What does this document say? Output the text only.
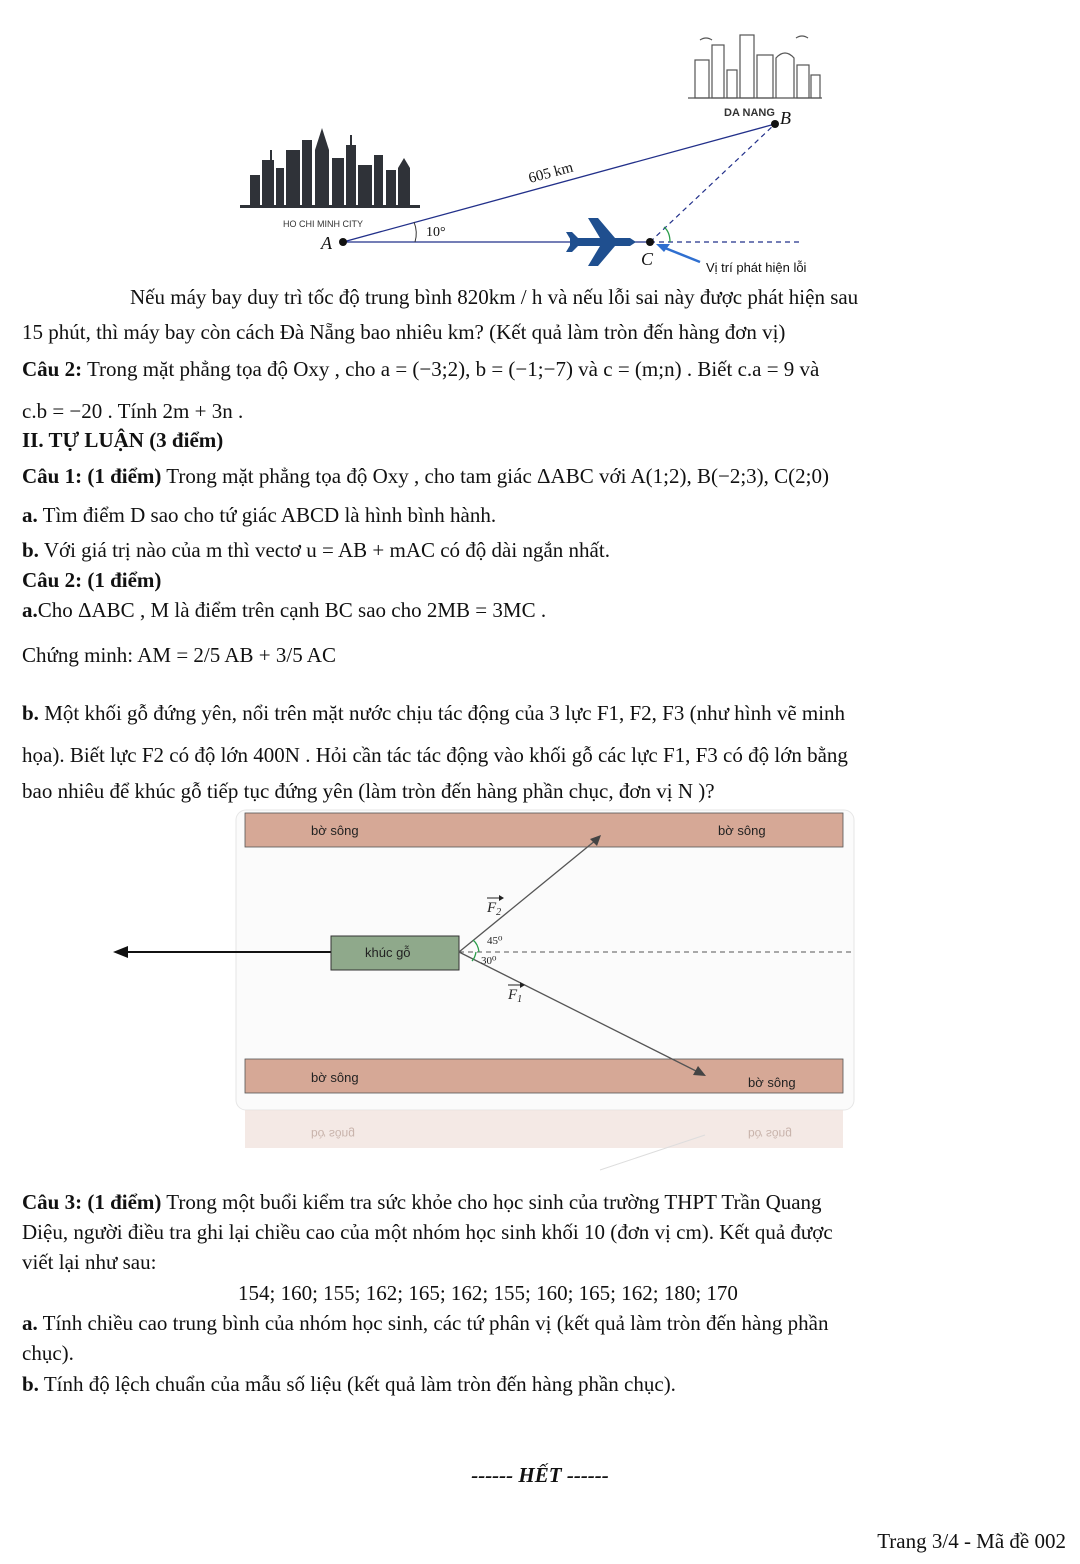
HO CHI MINH CITY
DA NANG
A
B
C
605 km
10°
Vị trí phát hiện lỗi
Nếu máy bay duy trì tốc độ trung bình 820km / h và nếu lỗi sai này được phát hiện sau
15 phút, thì máy bay còn cách Đà Nẵng bao nhiêu km? (Kết quả làm tròn đến hàng đơn vị)
Câu 2: Trong mặt phẳng tọa độ Oxy , cho a = (−3;2), b = (−1;−7) và c = (m;n) . Biết c.a = 9 và
c.b = −20 . Tính 2m + 3n .
II. TỰ LUẬN (3 điểm)
Câu 1: (1 điểm) Trong mặt phẳng tọa độ Oxy , cho tam giác ΔABC với A(1;2), B(−2;3), C(2;0)
a. Tìm điểm D sao cho tứ giác ABCD là hình bình hành.
b. Với giá trị nào của m thì vectơ u = AB + mAC có độ dài ngắn nhất.
Câu 2: (1 điểm)
a.Cho ΔABC , M là điểm trên cạnh BC sao cho 2MB = 3MC .
Chứng minh: AM = 2/5 AB + 3/5 AC
b. Một khối gỗ đứng yên, nổi trên mặt nước chịu tác động của 3 lực F1, F2, F3 (như hình vẽ minh
họa). Biết lực F2 có độ lớn 400N . Hỏi cần tác tác động vào khối gỗ các lực F1, F3 có độ lớn bằng
bao nhiêu để khúc gỗ tiếp tục đứng yên (làm tròn đến hàng phần chục, đơn vị N )?
bờ sông	bờ sông
bờ sông	bờ sông
bờ sông	bờ sông
khúc gỗ
45⁰
30⁰
$F_2$
$F_1$
Câu 3: (1 điểm) Trong một buổi kiểm tra sức khỏe cho học sinh của trường THPT Trần Quang
Diệu, người điều tra ghi lại chiều cao của một nhóm học sinh khối 10 (đơn vị cm). Kết quả được
viết lại như sau:
154; 160; 155; 162; 165; 162; 155; 160; 165; 162; 180; 170
a. Tính chiều cao trung bình của nhóm học sinh, các tứ phân vị (kết quả làm tròn đến hàng phần
chục).
b. Tính độ lệch chuẩn của mẫu số liệu (kết quả làm tròn đến hàng phần chục).
------ HẾT ------
Trang 3/4 - Mã đề 002
